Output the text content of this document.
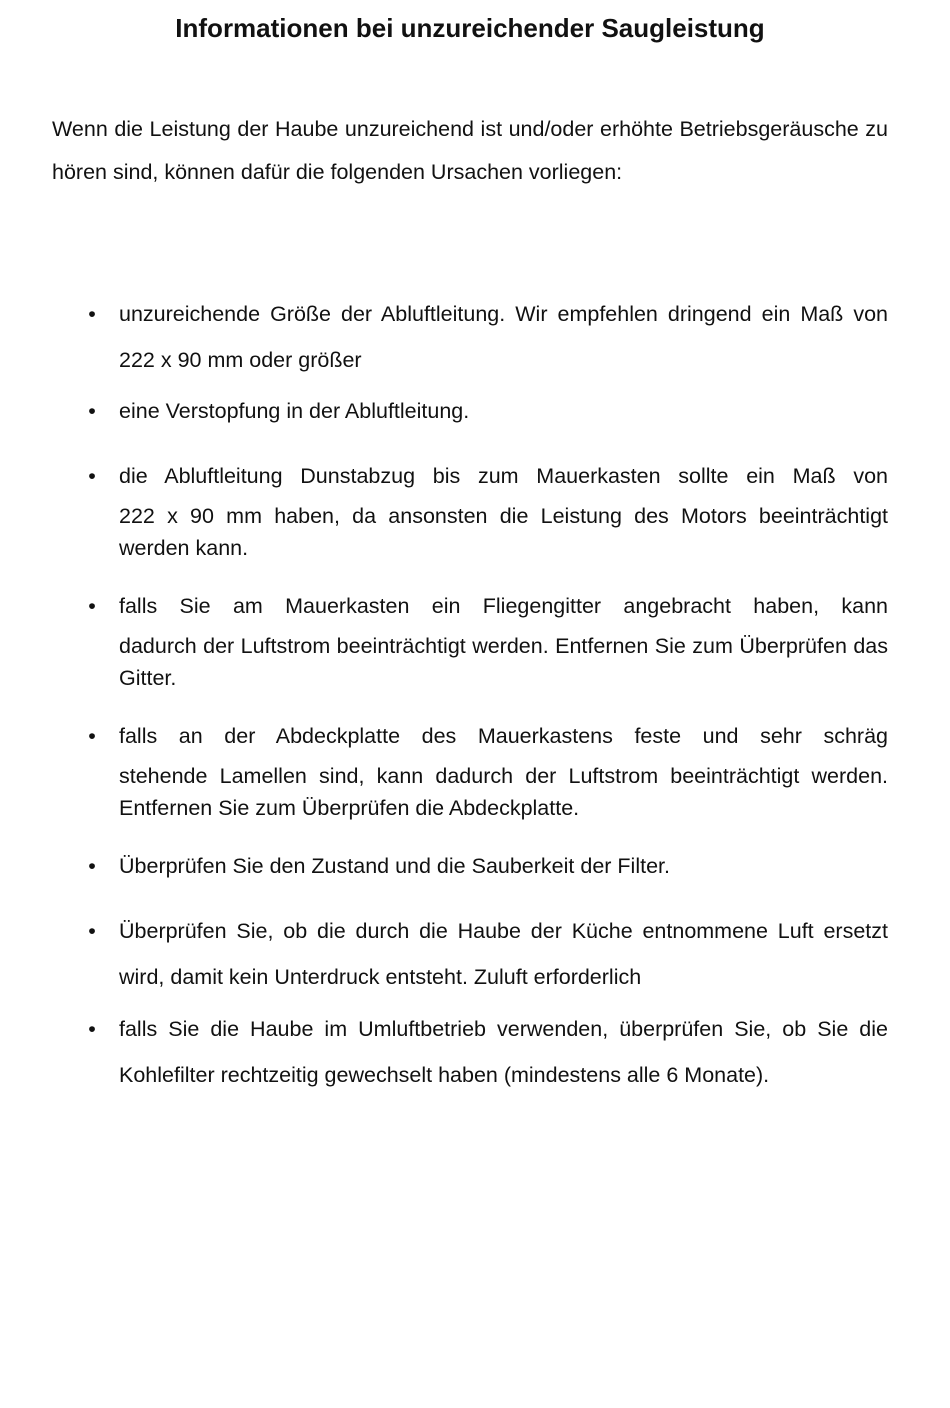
Informationen bei unzureichender Saugleistung

Wenn die Leistung der Haube unzureichend ist und/oder erhöhte Betriebsgeräusche zu hören sind, können dafür die folgenden Ursachen vorliegen:

• unzureichende Größe der Abluftleitung. Wir empfehlen dringend ein Maß von 222 x 90 mm oder größer
• eine Verstopfung in der Abluftleitung.
• die Abluftleitung Dunstabzug bis zum Mauerkasten sollte ein Maß von
222 x 90 mm haben, da ansonsten die Leistung des Motors beeinträchtigt werden kann.
• falls Sie am Mauerkasten ein Fliegengitter angebracht haben, kann
dadurch der Luftstrom beeinträchtigt werden. Entfernen Sie zum Überprüfen das Gitter.
• falls an der Abdeckplatte des Mauerkastens feste und sehr schräg
stehende Lamellen sind, kann dadurch der Luftstrom beeinträchtigt werden. Entfernen Sie zum Überprüfen die Abdeckplatte.
• Überprüfen Sie den Zustand und die Sauberkeit der Filter.
• Überprüfen Sie, ob die durch die Haube der Küche entnommene Luft ersetzt wird, damit kein Unterdruck entsteht. Zuluft erforderlich
• falls Sie die Haube im Umluftbetrieb verwenden, überprüfen Sie, ob Sie die Kohlefilter rechtzeitig gewechselt haben (mindestens alle 6 Monate).
